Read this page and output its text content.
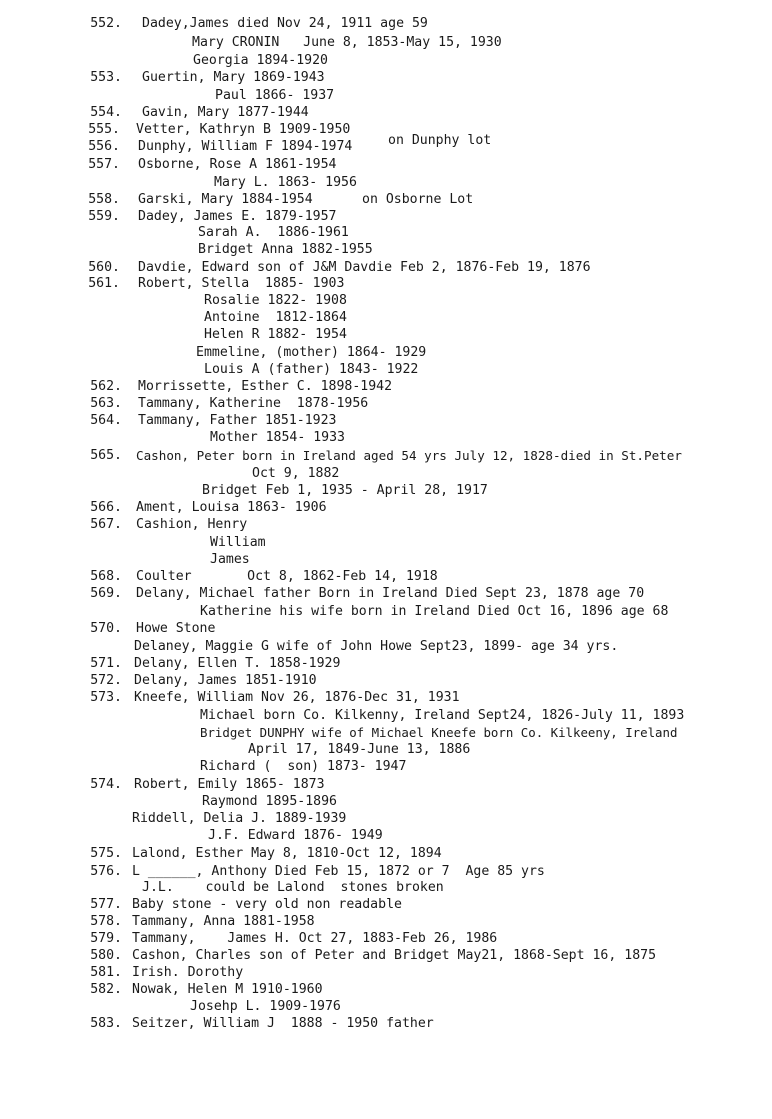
552. Dadey,James died Nov 24, 1911 age 59
Mary CRONIN   June 8, 1853-May 15, 1930
Georgia 1894-1920
553. Guertin, Mary 1869-1943
Paul 1866- 1937
554. Gavin, Mary 1877-1944
555. Vetter, Kathryn B 1909-1950
556. Dunphy, William F 1894-1974	on Dunphy lot
557. Osborne, Rose A 1861-1954
Mary L. 1863- 1956
558. Garski, Mary 1884-1954	on Osborne Lot
559. Dadey, James E. 1879-1957
Sarah A.  1886-1961
Bridget Anna 1882-1955
560. Davdie, Edward son of J&M Davdie Feb 2, 1876-Feb 19, 1876
561. Robert, Stella  1885- 1903
Rosalie 1822- 1908
Antoine  1812-1864
Helen R 1882- 1954
Emmeline, (mother) 1864- 1929
Louis A (father) 1843- 1922
562. Morrissette, Esther C. 1898-1942
563. Tammany, Katherine  1878-1956
564. Tammany, Father 1851-1923
Mother 1854- 1933
565. Cashon, Peter born in Ireland aged 54 yrs July 12, 1828-died in St.Peter
Oct 9, 1882
Bridget Feb 1, 1935 - April 28, 1917
566. Ament, Louisa 1863- 1906
567. Cashion, Henry
William
James
568. Coulter       Oct 8, 1862-Feb 14, 1918
569. Delany, Michael father Born in Ireland Died Sept 23, 1878 age 70
Katherine his wife born in Ireland Died Oct 16, 1896 age 68
570. Howe Stone
Delaney, Maggie G wife of John Howe Sept23, 1899- age 34 yrs.
571. Delany, Ellen T. 1858-1929
572. Delany, James 1851-1910
573. Kneefe, William Nov 26, 1876-Dec 31, 1931
Michael born Co. Kilkenny, Ireland Sept24, 1826-July 11, 1893
Bridget DUNPHY wife of Michael Kneefe born Co. Kilkeeny, Ireland
April 17, 1849-June 13, 1886
Richard (  son) 1873- 1947
574. Robert, Emily 1865- 1873
Raymond 1895-1896
Riddell, Delia J. 1889-1939
J.F. Edward 1876- 1949
575. Lalond, Esther May 8, 1810-Oct 12, 1894
576. L ______, Anthony Died Feb 15, 1872 or 7  Age 85 yrs
J.L.    could be Lalond  stones broken
577. Baby stone - very old non readable
578. Tammany, Anna 1881-1958
579. Tammany,    James H. Oct 27, 1883-Feb 26, 1986
580. Cashon, Charles son of Peter and Bridget May21, 1868-Sept 16, 1875
581. Irish. Dorothy
582. Nowak, Helen M 1910-1960
Josehp L. 1909-1976
583. Seitzer, William J  1888 - 1950 father
